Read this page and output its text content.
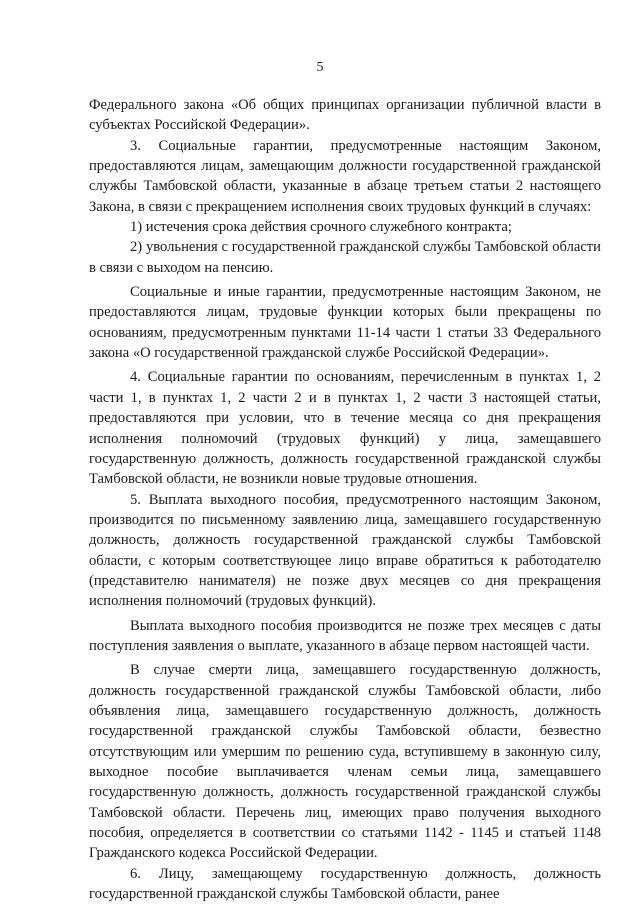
5

Федерального закона «Об общих принципах организации публичной власти в субъектах Российской Федерации».

3. Социальные гарантии, предусмотренные настоящим Законом, предоставляются лицам, замещающим должности государственной гражданской службы Тамбовской области, указанные в абзаце третьем статьи 2 настоящего Закона, в связи с прекращением исполнения своих трудовых функций в случаях:

1) истечения срока действия срочного служебного контракта;

2) увольнения с государственной гражданской службы Тамбовской области в связи с выходом на пенсию.

Социальные и иные гарантии, предусмотренные настоящим Законом, не предоставляются лицам, трудовые функции которых были прекращены по основаниям, предусмотренным пунктами 11-14 части 1 статьи 33 Федерального закона «О государственной гражданской службе Российской Федерации».

4. Социальные гарантии по основаниям, перечисленным в пунктах 1, 2 части 1, в пунктах 1, 2 части 2 и в пунктах 1, 2 части 3 настоящей статьи, предоставляются при условии, что в течение месяца со дня прекращения исполнения полномочий (трудовых функций) у лица, замещавшего государственную должность, должность государственной гражданской службы Тамбовской области, не возникли новые трудовые отношения.

5. Выплата выходного пособия, предусмотренного настоящим Законом, производится по письменному заявлению лица, замещавшего государственную должность, должность государственной гражданской службы Тамбовской области, с которым соответствующее лицо вправе обратиться к работодателю (представителю нанимателя) не позже двух месяцев со дня прекращения исполнения полномочий (трудовых функций).

Выплата выходного пособия производится не позже трех месяцев с даты поступления заявления о выплате, указанного в абзаце первом настоящей части.

В случае смерти лица, замещавшего государственную должность, должность государственной гражданской службы Тамбовской области, либо объявления лица, замещавшего государственную должность, должность государственной гражданской службы Тамбовской области, безвестно отсутствующим или умершим по решению суда, вступившему в законную силу, выходное пособие выплачивается членам семьи лица, замещавшего государственную должность, должность государственной гражданской службы Тамбовской области. Перечень лиц, имеющих право получения выходного пособия, определяется в соответствии со статьями 1142 - 1145 и статьей 1148 Гражданского кодекса Российской Федерации.

6. Лицу, замещающему государственную должность, должность государственной гражданской службы Тамбовской области, ранее
